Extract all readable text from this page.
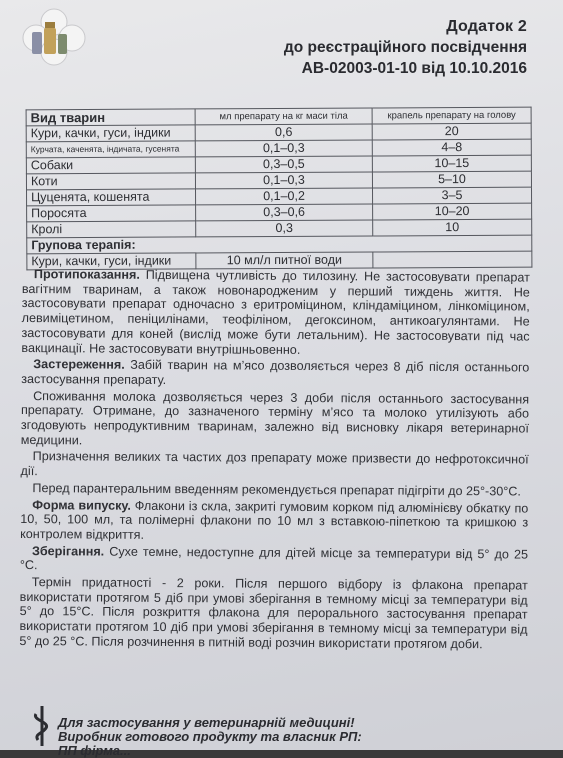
Додаток 2
до реєстраційного посвідчення
АВ-02003-01-10 від 10.10.2016
Вид тварин	мл препарату на кг маси тіла	крапель препарату на голову
Кури, качки, гуси, індики	0,6	20
Курчата, каченята, індичата, гусенята	0,1–0,3	4–8
Собаки	0,3–0,5	10–15
Коти	0,1–0,3	5–10
Цуценята, кошенята	0,1–0,2	3–5
Поросята	0,3–0,6	10–20
Кролі	0,3	10
Групова терапія:		
Кури, качки, гуси, індики	10 мл/л питної води	

Протипоказання. Підвищена чутливість до тилозину. Не застосовувати препарат вагітним тваринам, а також новонародженим у перший тиждень життя. Не застосовувати препарат одночасно з еритроміцином, кліндаміцином, лінкоміцином, левиміцетином, пеніцилінами, теофіліном, дегоксином, антикоагулянтами. Не застосовувати для коней (вислід може бути летальним). Не застосовувати під час вакцинації. Не застосовувати внутрішньовенно.

Застереження. Забій тварин на м’ясо дозволяється через 8 діб після останнього застосування препарату.

Споживання молока дозволяється через 3 доби після останнього застосування препарату. Отримане, до зазначеного терміну м’ясо та молоко утилізують або згодовують непродуктивним тваринам, залежно від висновку лікаря ветеринарної медицини.

Призначення великих та частих доз препарату може призвести до нефротоксичної дії.

Перед парантеральним введенням рекомендується препарат підігріти до 25°-30°С.

Форма випуску. Флакони із скла, закриті гумовим корком під алюмінієву обкатку по 10, 50, 100 мл, та полімерні флакони по 10 мл з вставкою-піпеткою та кришкою з контролем відкриття.

Зберігання. Сухе темне, недоступне для дітей місце за температури від 5° до 25 °С.

Термін придатності - 2 роки. Після першого відбору із флакона препарат використати протягом 5 діб при умові зберігання в темному місці за температури від 5° до 15°С. Після розкриття флакона для перорального застосування препарат використати протягом 10 діб при умові зберігання в темному місці за температури від 5° до 25 °С. Після розчинення в питній воді розчин використати протягом доби.

Для застосування у ветеринарній медицині!
Виробник готового продукту та власник РП:
ПП фірма...
